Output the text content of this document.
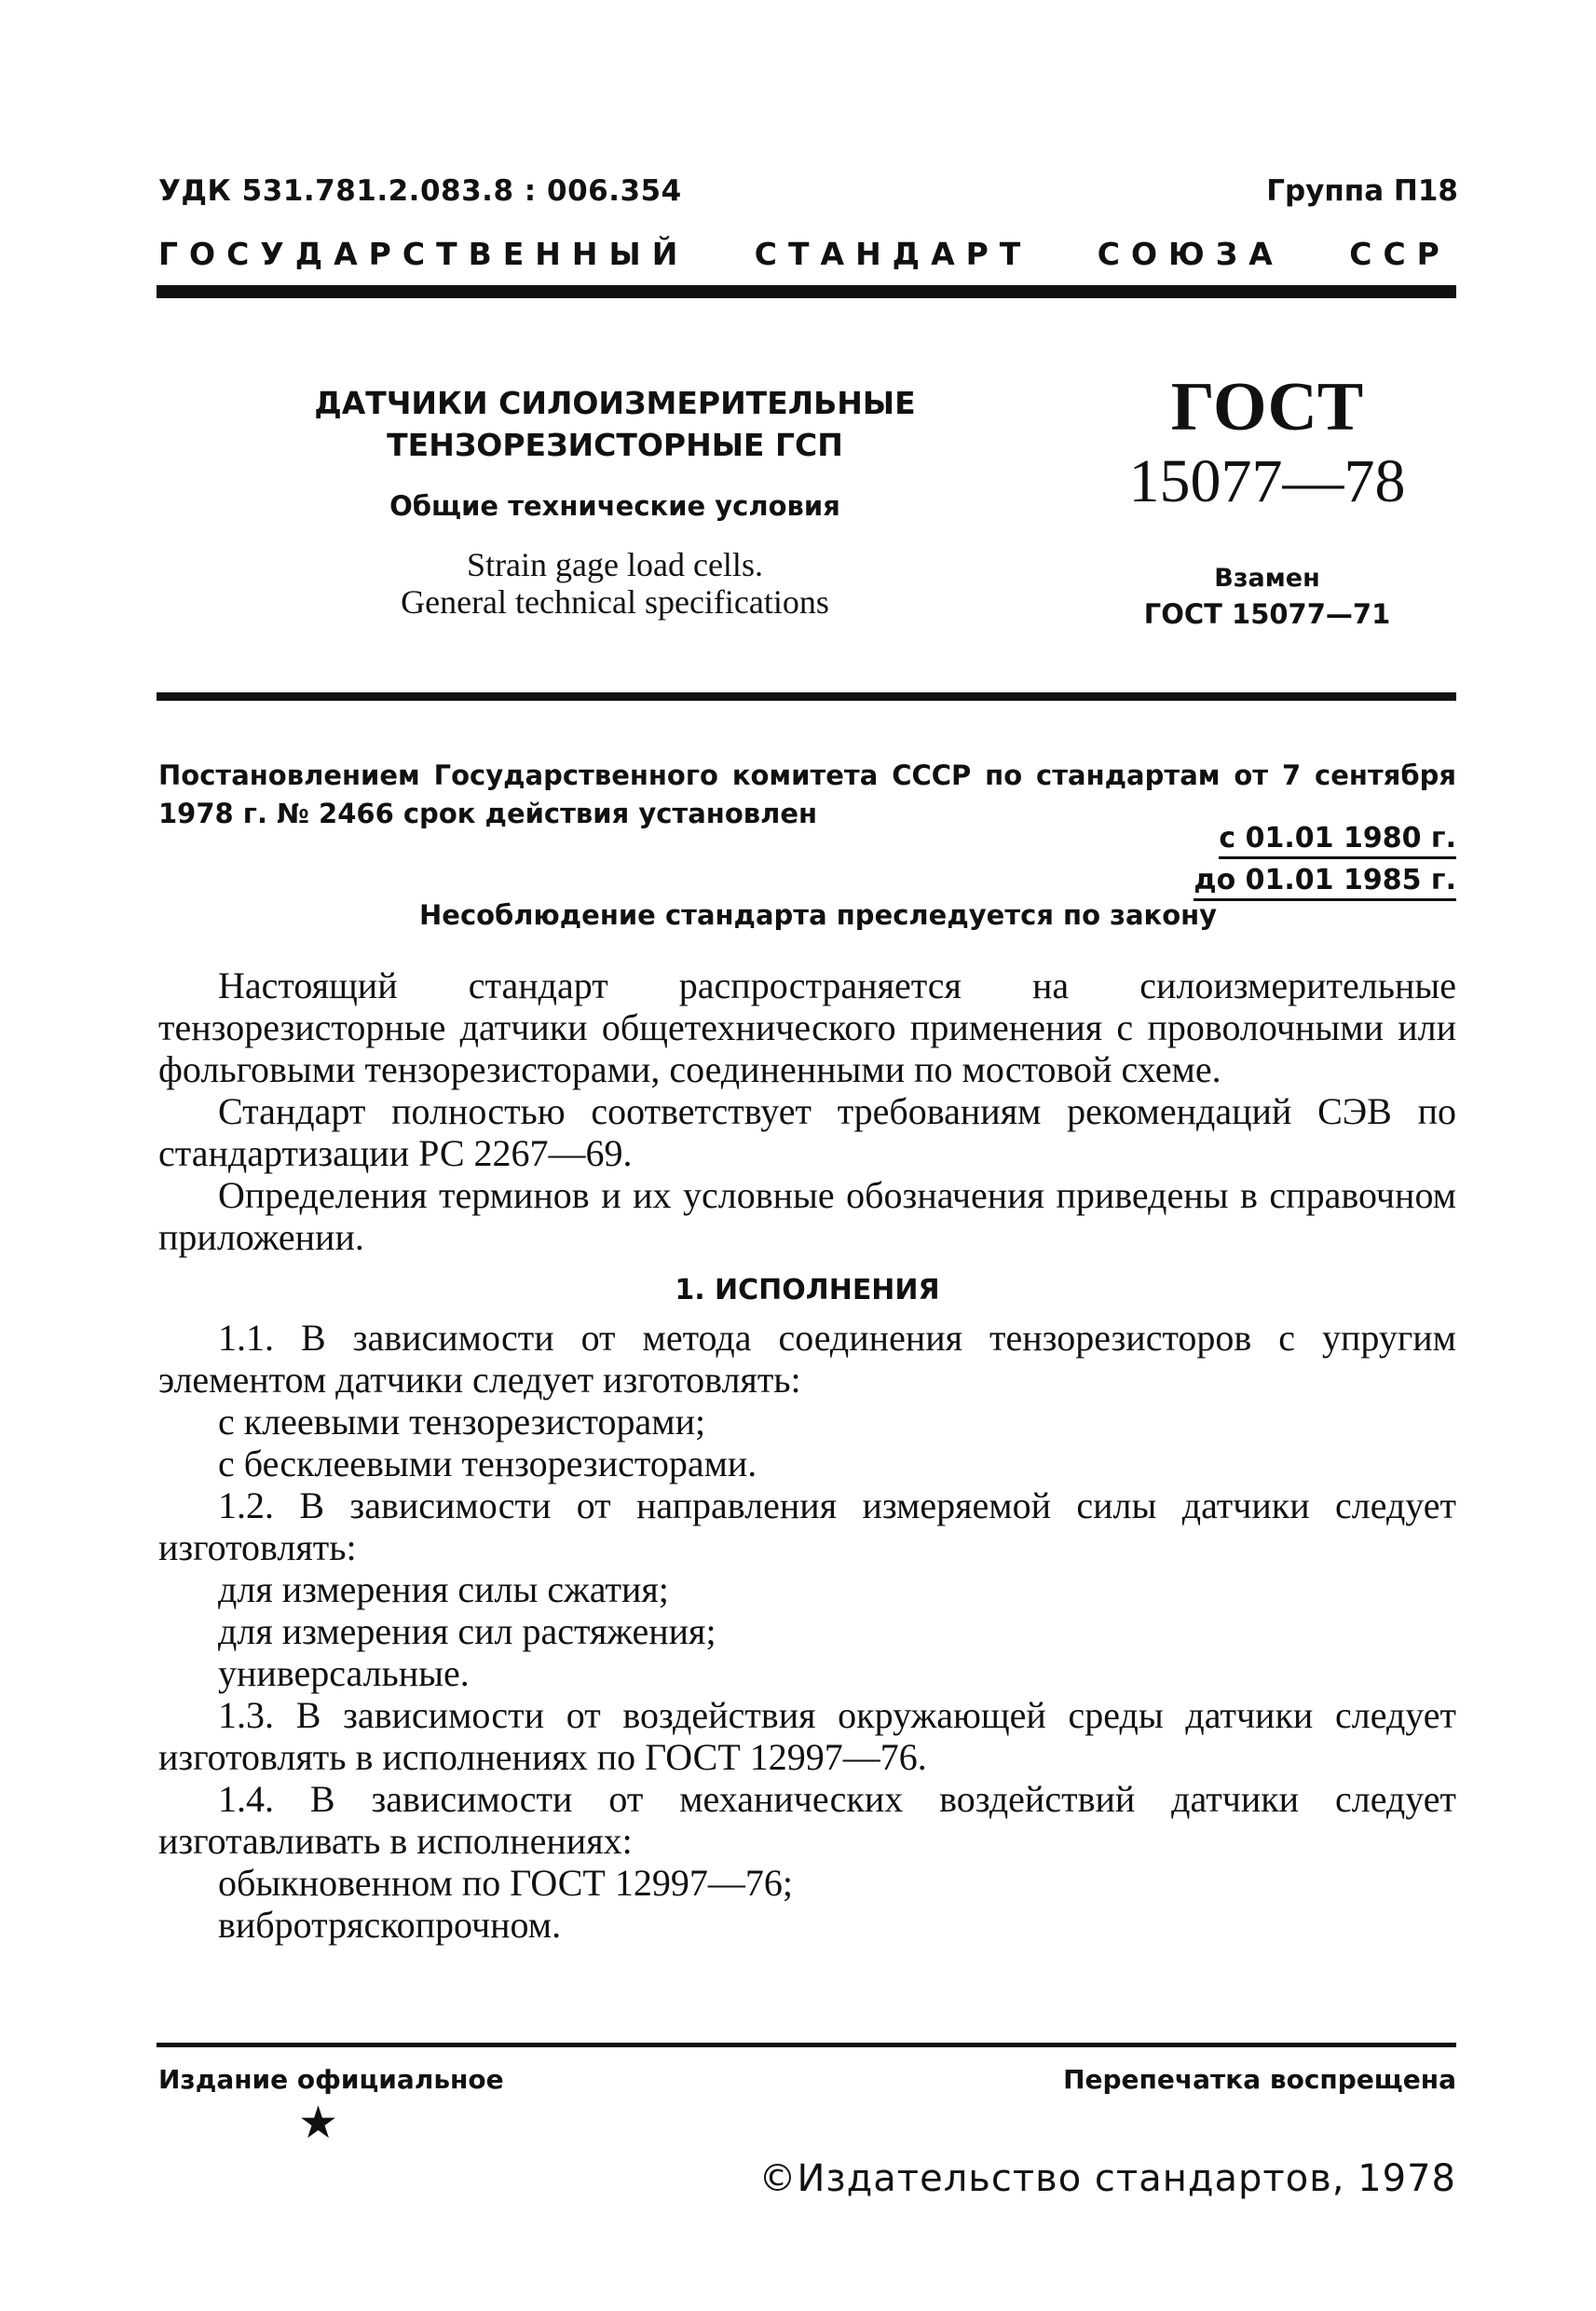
УДК 531.781.2.083.8 : 006.354	Группа П18
ГОСУДАРСТВЕННЫЙ   СТАНДАРТ   СОЮЗА   ССР
ДАТЧИКИ СИЛОИЗМЕРИТЕЛЬНЫЕ
ТЕНЗОРЕЗИСТОРНЫЕ ГСП
Общие технические условия
Strain gage load cells.
General technical specifications
ГОСТ
15077—78
Взамен
ГОСТ 15077—71
Постановлением Государственного комитета СССР по стандартам от 7 сентября 1978 г. № 2466 срок действия установлен
с 01.01 1980 г.
до 01.01 1985 г.
Несоблюдение стандарта преследуется по закону

Настоящий стандарт распространяется на силоизмерительные тензорезисторные датчики общетехнического применения с проволочными или фольговыми тензорезисторами, соединенными по мостовой схеме.

Стандарт полностью соответствует требованиям рекомендаций СЭВ по стандартизации РС 2267—69.

Определения терминов и их условные обозначения приведены в справочном приложении.

1. ИСПОЛНЕНИЯ

1.1. В зависимости от метода соединения тензорезисторов с упругим элементом датчики следует изготовлять:

с клеевыми тензорезисторами;

с бесклеевыми тензорезисторами.

1.2. В зависимости от направления измеряемой силы датчики следует изготовлять:

для измерения силы сжатия;

для измерения сил растяжения;

универсальные.

1.3. В зависимости от воздействия окружающей среды датчики следует изготовлять в исполнениях по ГОСТ 12997—76.

1.4. В зависимости от механических воздействий датчики следует изготавливать в исполнениях:

обыкновенном по ГОСТ 12997—76;

вибротряскопрочном.

Издание официальное
★
Перепечатка воспрещена
©Издательство стандартов, 1978
